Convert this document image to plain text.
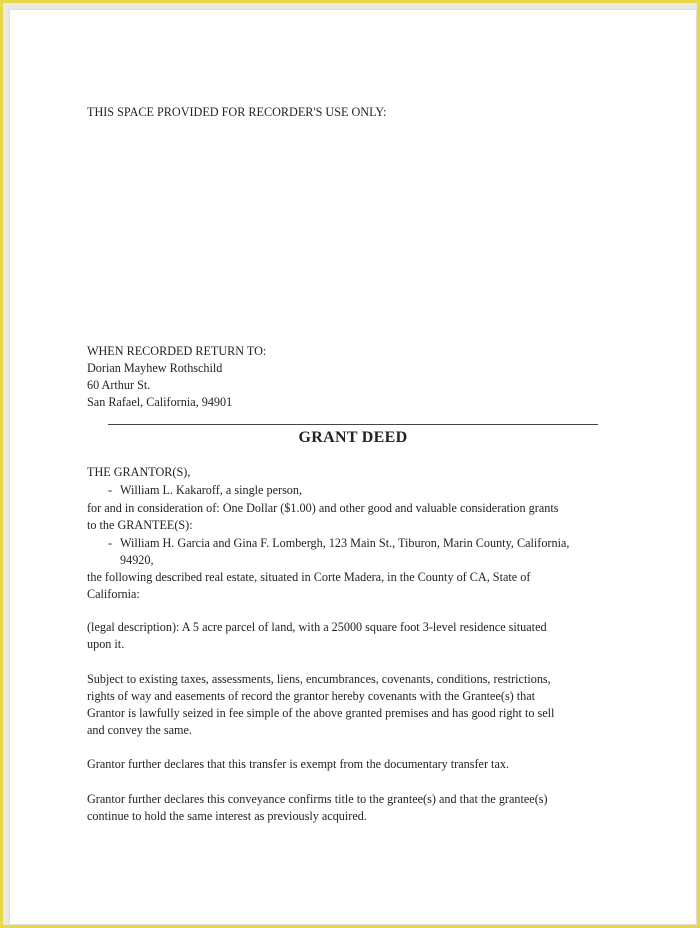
THIS SPACE PROVIDED FOR RECORDER'S USE ONLY:
WHEN RECORDED RETURN TO:
Dorian Mayhew Rothschild
60 Arthur St.
San Rafael, California, 94901
GRANT DEED
THE GRANTOR(S),
- William L. Kakaroff, a single person,
for and in consideration of: One Dollar ($1.00) and other good and valuable consideration grants
to the GRANTEE(S):
- William H. Garcia and Gina F. Lombergh, 123 Main St., Tiburon, Marin County, California,
94920,
the following described real estate, situated in Corte Madera, in the County of CA, State of
California:
(legal description): A 5 acre parcel of land, with a 25000 square foot 3-level residence situated
upon it.
Subject to existing taxes, assessments, liens, encumbrances, covenants, conditions, restrictions,
rights of way and easements of record the grantor hereby covenants with the Grantee(s) that
Grantor is lawfully seized in fee simple of the above granted premises and has good right to sell
and convey the same.
Grantor further declares that this transfer is exempt from the documentary transfer tax.
Grantor further declares this conveyance confirms title to the grantee(s) and that the grantee(s)
continue to hold the same interest as previously acquired.
